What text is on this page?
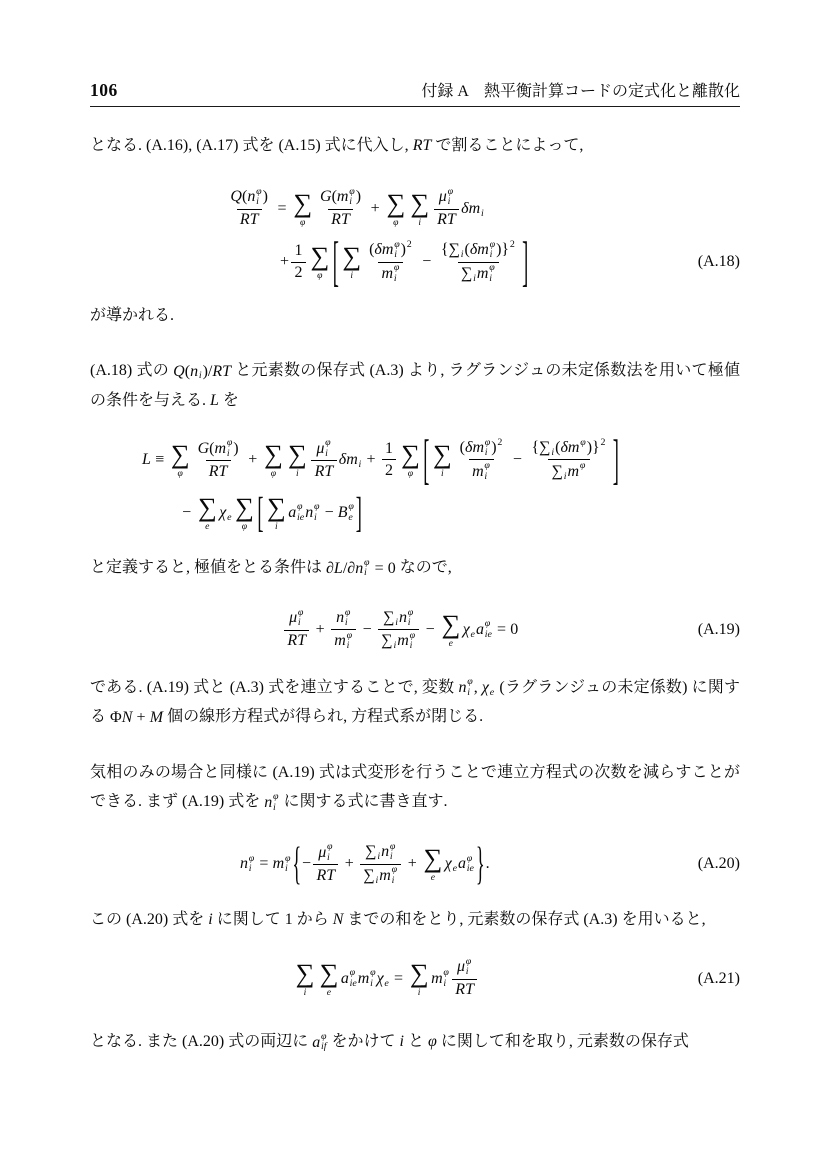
106	付録 A　熱平衡計算コードの定式化と離散化

となる. (A.16), (A.17) 式を (A.15) 式に代入し, RT で割ることによって,

Q ( n φ
i )
RT
= ∑
φ
G ( m φ
i )
RT
+ ∑
φ
∑
i
μ φ
i
RT
δ m i
+ $\frac{1}{2}$ ∑
φ [ ∑
i
( δ m φ
i ) 2
m φ
i
−
{ ∑ i ( δ m φ
i ) } 2
∑ i m φ
i ]	(A.18)

が導かれる.

(A.18) 式の Q ( n i ) / RT と元素数の保存式 (A.3) より, ラグランジュの未定係数法を用いて極値の条件を与える. L を

L ≡ ∑
φ
G ( m φ
i )
RT
+ ∑
φ
∑
i
μ φ
i
RT
δ m $i + \frac{1}{2}$ ∑
φ [ ∑
i
( δ m φ
i ) 2
m φ
i
−
{ ∑ i ( δ m φ ) } 2
∑ i m φ ]
− ∑
e
χ e ∑
φ [ ∑
i
a φ
ie n φ
i − B φ
e ]

と定義すると, 極値をとる条件は ∂ L / ∂ n φ
i = 0 なので,

μ φ
i
RT
+
n φ
i
m φ
i
−
∑ i n φ
i
∑ i m φ
i
− ∑
e
χ e a φ
ie = 0	(A.19)

である. (A.19) 式と (A.3) 式を連立することで, 変数 n φ
i , χ e (ラグランジュの未定係数) に関する Φ N + M 個の線形方程式が得られ, 方程式系が閉じる.

気相のみの場合と同様に (A.19) 式は式変形を行うことで連立方程式の次数を減らすことができる. まず (A.19) 式を n φ
i に関する式に書き直す.

n φ
i = m φ
i { −
μ φ
i
RT
+
∑ i n φ
i
∑ i m φ
i
+ ∑
e
χ e a φ
ie } .	(A.20)

この (A.20) 式を i に関して 1 から N までの和をとり, 元素数の保存式 (A.3) を用いると,

∑
i
∑
e
a φ
ie m φ
i χ e = ∑
i
m φ
i
μ φ
i
RT
(A.21)

となる. また (A.20) 式の両辺に a φ
if をかけて i と φ に関して和を取り, 元素数の保存式
